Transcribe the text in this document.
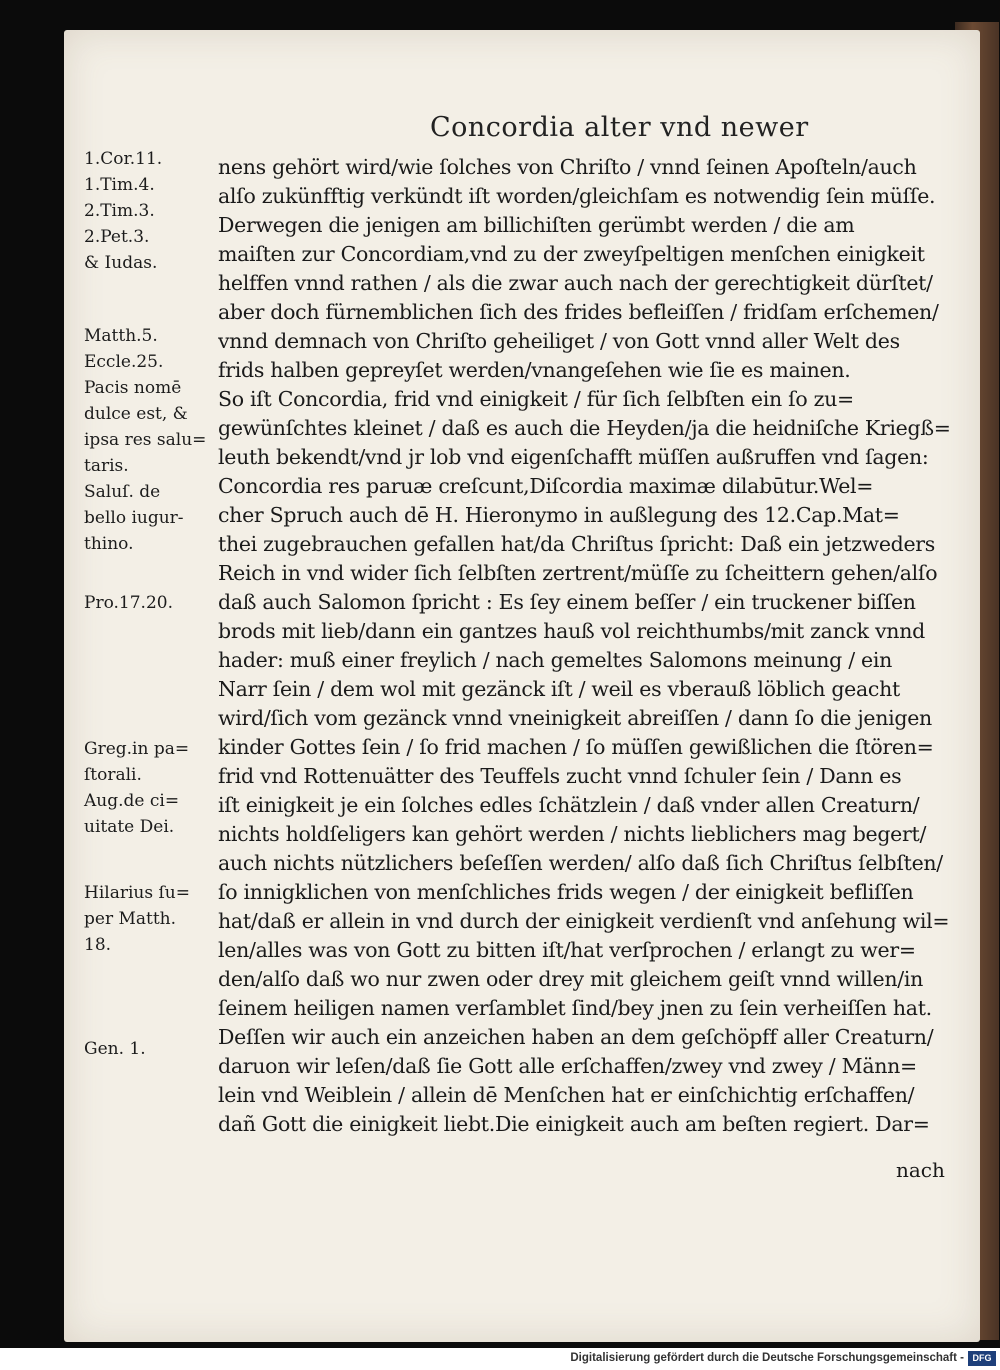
Concordia alter vnd newer
1.Cor.11.
1.Tim.4.
2.Tim.3.
2.Pet.3.
& Iudas.
Matth.5.
Eccle.25.
Pacis nomē
dulce est, &
ipsa res salu=
taris.
Saluſ. de
bello iugur-
thino.
Pro.17.20.
Greg.in pa=
ſtorali.
Aug.de ci=
uitate Dei.
Hilarius ſu=
per Matth.
18.
Gen. 1.
nens gehört wird/wie ſolches von Chriſto / vnnd ſeinen Apoſteln/auch
alſo zukünfftig verkündt iſt worden/gleichſam es notwendig ſein müſſe.
Derwegen die jenigen am billichiſten gerümbt werden / die am
maiſten zur Concordiam,vnd zu der zweyſpeltigen menſchen einigkeit
helffen vnnd rathen / als die zwar auch nach der gerechtigkeit dürſtet/
aber doch fürnemblichen ſich des frides befleiſſen / fridſam erſchemen/
vnnd demnach von Chriſto geheiliget / von Gott vnnd aller Welt des
frids halben gepreyſet werden/vnangeſehen wie ſie es mainen.
So iſt Concordia, frid vnd einigkeit / für ſich ſelbſten ein ſo zu=
gewünſchtes kleinet / daß es auch die Heyden/ja die heidniſche Kriegß=
leuth bekendt/vnd jr lob vnd eigenſchafft müſſen außruffen vnd ſagen:
Concordia res paruæ creſcunt,Diſcordia maximæ dilabūtur.Wel=
cher Spruch auch dē H. Hieronymo in außlegung des 12.Cap.Mat=
thei zugebrauchen gefallen hat/da Chriſtus ſpricht: Daß ein jetzweders
Reich in vnd wider ſich ſelbſten zertrent/müſſe zu ſcheittern gehen/alſo
daß auch Salomon ſpricht : Es ſey einem beſſer / ein truckener biſſen
brods mit lieb/dann ein gantzes hauß vol reichthumbs/mit zanck vnnd
hader: muß einer freylich / nach gemeltes Salomons meinung / ein
Narr ſein / dem wol mit gezänck iſt / weil es vberauß löblich geacht
wird/ſich vom gezänck vnnd vneinigkeit abreiſſen / dann ſo die jenigen
kinder Gottes ſein / ſo frid machen / ſo müſſen gewißlichen die ſtören=
frid vnd Rottenuätter des Teuffels zucht vnnd ſchuler ſein / Dann es
iſt einigkeit je ein ſolches edles ſchätzlein / daß vnder allen Creaturn/
nichts holdſeligers kan gehört werden / nichts lieblichers mag begert/
auch nichts nützlichers beſeſſen werden/ alſo daß ſich Chriſtus ſelbſten/
ſo innigklichen von menſchliches frids wegen / der einigkeit befliſſen
hat/daß er allein in vnd durch der einigkeit verdienſt vnd anſehung wil=
len/alles was von Gott zu bitten iſt/hat verſprochen / erlangt zu wer=
den/alſo daß wo nur zwen oder drey mit gleichem geiſt vnnd willen/in
ſeinem heiligen namen verſamblet ſind/bey jnen zu ſein verheiſſen hat.
Deſſen wir auch ein anzeichen haben an dem geſchöpff aller Creaturn/
daruon wir leſen/daß ſie Gott alle erſchaffen/zwey vnd zwey / Männ=
lein vnd Weiblein / allein dē Menſchen hat er einſchichtig erſchaffen/
dañ Gott die einigkeit liebt.Die einigkeit auch am beſten regiert. Dar=
nach
Digitalisierung gefördert durch die Deutsche Forschungsgemeinschaft - DFG
